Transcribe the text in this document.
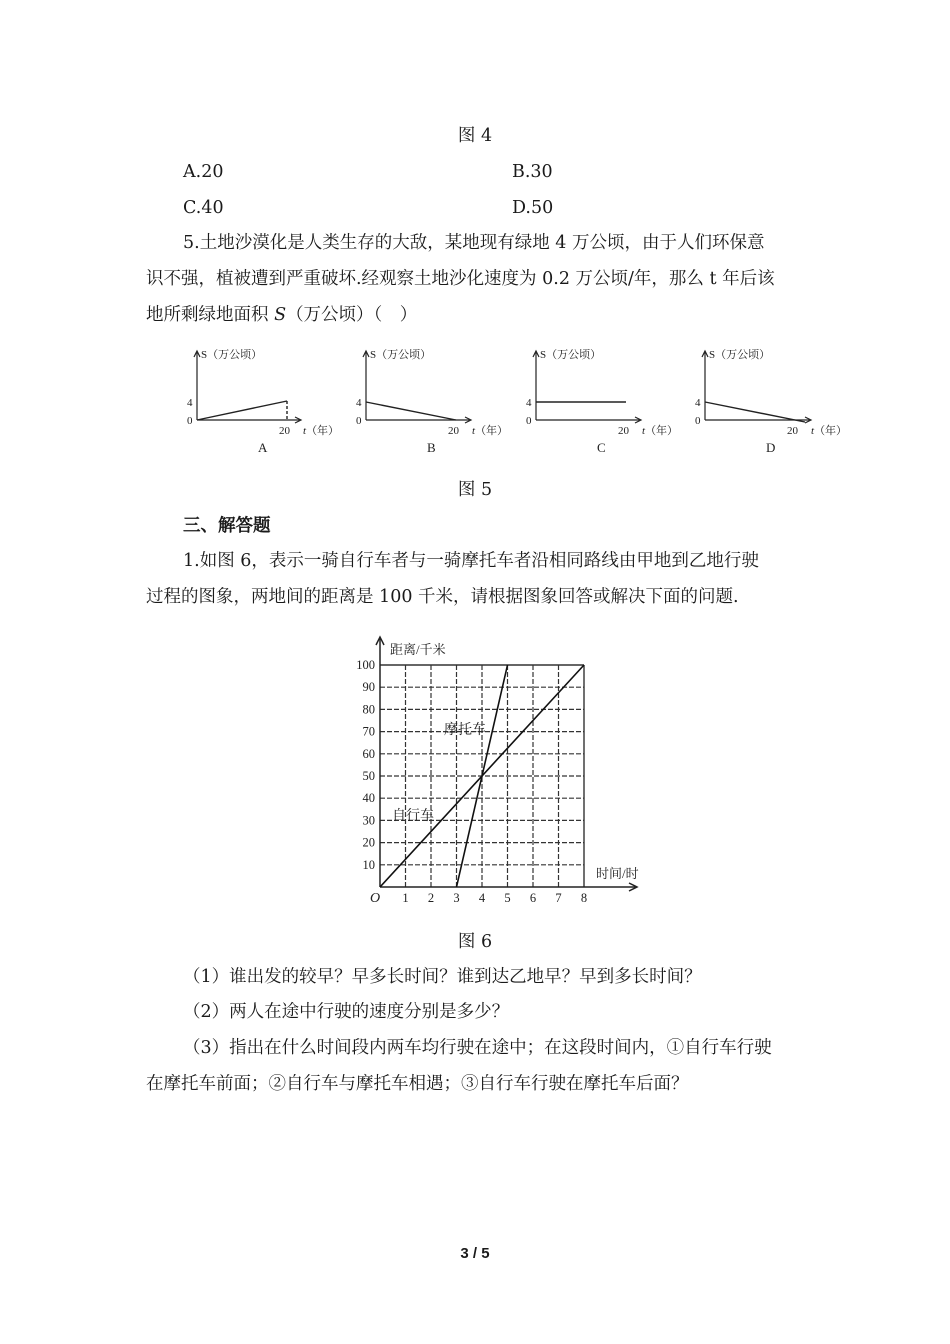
图 4
A.20	B.30
C.40	D.50
5.土地沙漠化是人类生存的大敌，某地现有绿地 4 万公顷，由于人们环保意
识不强，植被遭到严重破坏.经观察土地沙化速度为 0.2 万公顷/年，那么 t 年后该
地所剩绿地面积 S（万公顷）（　）
S（万公顷）	S（万公顷）	S（万公顷）	S（万公顷）
4	4	4	4
0	0	0	0
20	20	20	20
t（年）	t（年）	t（年）	t（年）
A	B	C	D
图 5
三、解答题
1.如图 6，表示一骑自行车者与一骑摩托车者沿相同路线由甲地到乙地行驶
过程的图象，两地间的距离是 100 千米，请根据图象回答或解决下面的问题.
1 2 3 4 5 6 7 8
10
20
30
40
50
60
70
80
90
100
距离/千米
时间/时
O
摩托车
自行车
图 6
（1）谁出发的较早？早多长时间？谁到达乙地早？早到多长时间？
（2）两人在途中行驶的速度分别是多少？
（3）指出在什么时间段内两车均行驶在途中；在这段时间内，①自行车行驶
在摩托车前面；②自行车与摩托车相遇；③自行车行驶在摩托车后面？
3 / 5
